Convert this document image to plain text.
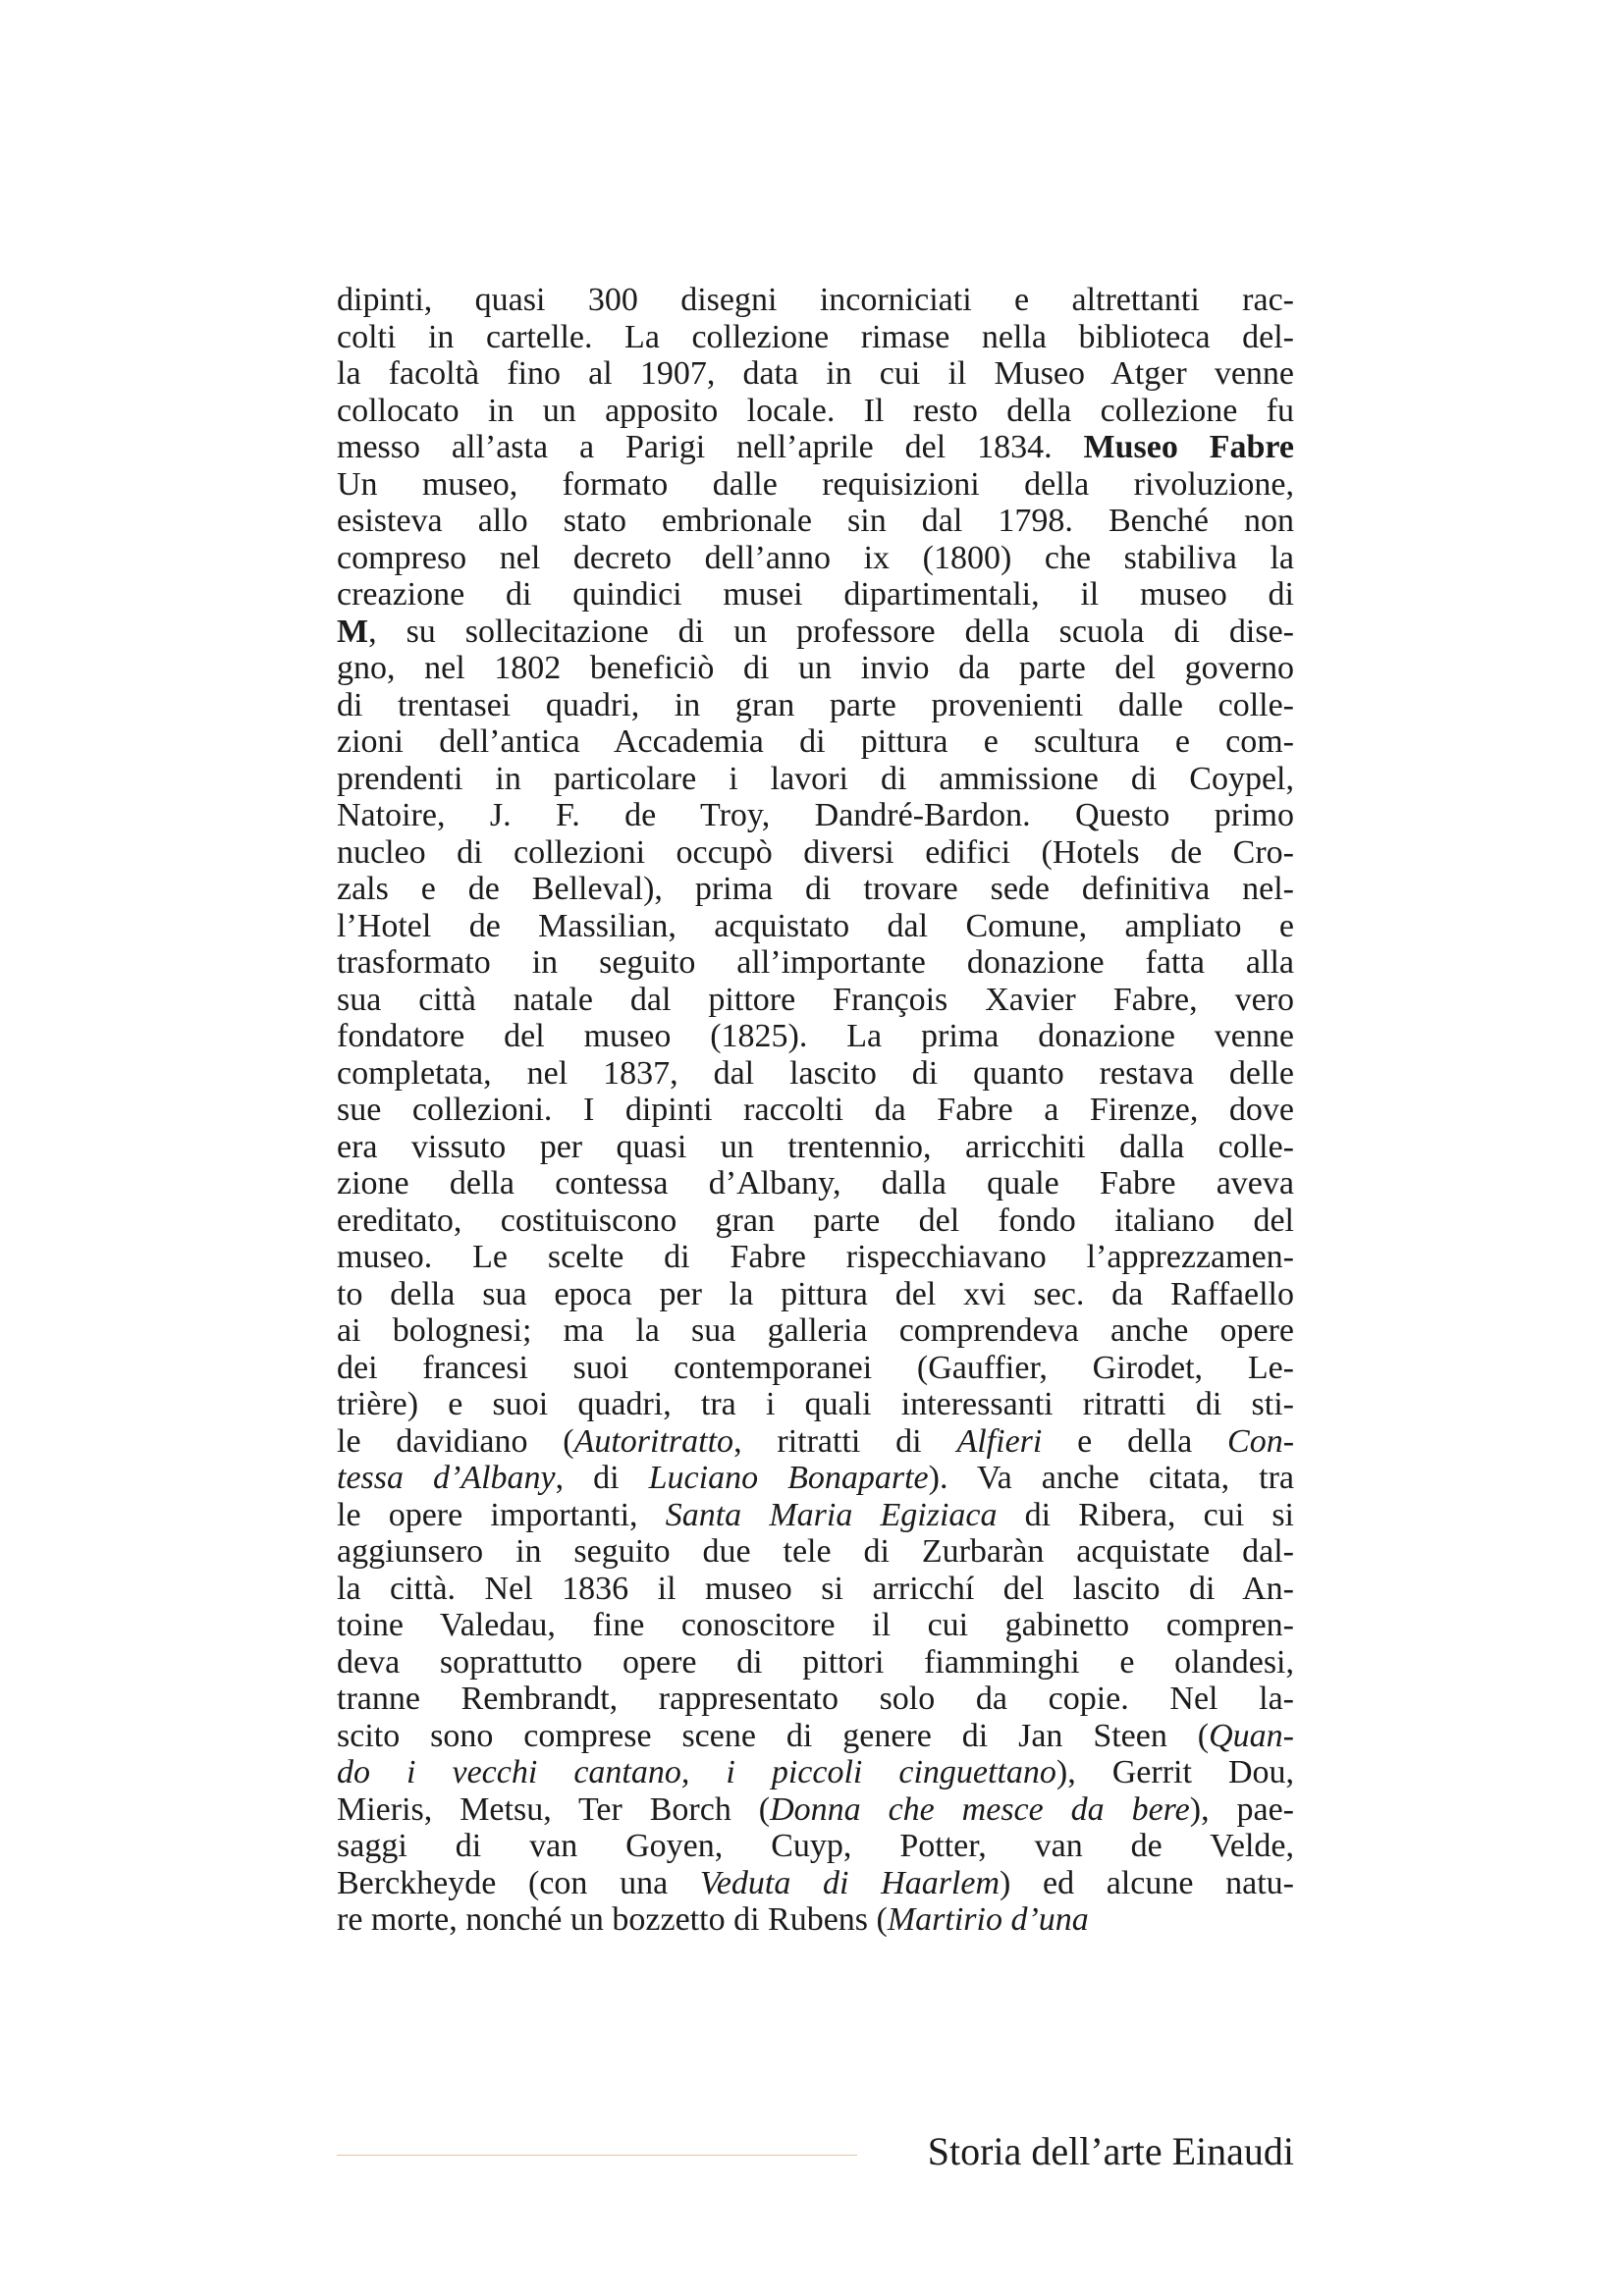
dipinti, quasi 300 disegni incorniciati e altrettanti rac-
colti in cartelle. La collezione rimase nella biblioteca del-
la facoltà fino al 1907, data in cui il Museo Atger venne
collocato in un apposito locale. Il resto della collezione fu
messo all’asta a Parigi nell’aprile del 1834. Museo Fabre
Un museo, formato dalle requisizioni della rivoluzione,
esisteva allo stato embrionale sin dal 1798. Benché non
compreso nel decreto dell’anno ix (1800) che stabiliva la
creazione di quindici musei dipartimentali, il museo di
M, su sollecitazione di un professore della scuola di dise-
gno, nel 1802 beneficiò di un invio da parte del governo
di trentasei quadri, in gran parte provenienti dalle colle-
zioni dell’antica Accademia di pittura e scultura e com-
prendenti in particolare i lavori di ammissione di Coypel,
Natoire, J. F. de Troy, Dandré-Bardon. Questo primo
nucleo di collezioni occupò diversi edifici (Hotels de Cro-
zals e de Belleval), prima di trovare sede definitiva nel-
l’Hotel de Massilian, acquistato dal Comune, ampliato e
trasformato in seguito all’importante donazione fatta alla
sua città natale dal pittore François Xavier Fabre, vero
fondatore del museo (1825). La prima donazione venne
completata, nel 1837, dal lascito di quanto restava delle
sue collezioni. I dipinti raccolti da Fabre a Firenze, dove
era vissuto per quasi un trentennio, arricchiti dalla colle-
zione della contessa d’Albany, dalla quale Fabre aveva
ereditato, costituiscono gran parte del fondo italiano del
museo. Le scelte di Fabre rispecchiavano l’apprezzamen-
to della sua epoca per la pittura del xvi sec. da Raffaello
ai bolognesi; ma la sua galleria comprendeva anche opere
dei francesi suoi contemporanei (Gauffier, Girodet, Le-
trière) e suoi quadri, tra i quali interessanti ritratti di sti-
le davidiano (Autoritratto, ritratti di Alfieri e della Con-
tessa d’Albany, di Luciano Bonaparte). Va anche citata, tra
le opere importanti, Santa Maria Egiziaca di Ribera, cui si
aggiunsero in seguito due tele di Zurbaràn acquistate dal-
la città. Nel 1836 il museo si arricchí del lascito di An-
toine Valedau, fine conoscitore il cui gabinetto compren-
deva soprattutto opere di pittori fiamminghi e olandesi,
tranne Rembrandt, rappresentato solo da copie. Nel la-
scito sono comprese scene di genere di Jan Steen (Quan-
do i vecchi cantano, i piccoli cinguettano), Gerrit Dou,
Mieris, Metsu, Ter Borch (Donna che mesce da bere), pae-
saggi di van Goyen, Cuyp, Potter, van de Velde,
Berckheyde (con una Veduta di Haarlem) ed alcune natu-
re morte, nonché un bozzetto di Rubens (Martirio d’una
Storia dell’arte Einaudi
